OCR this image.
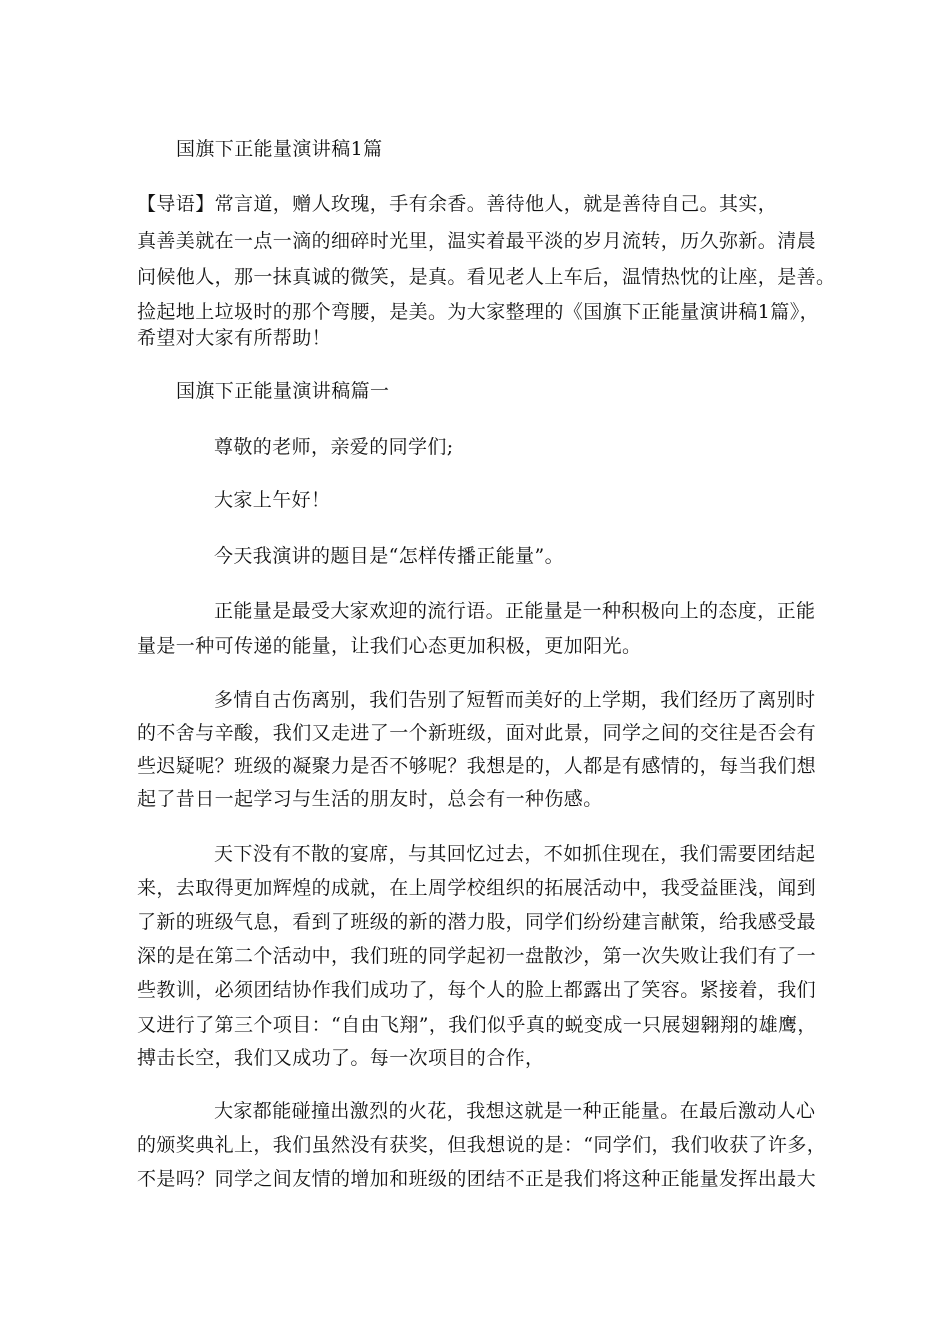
国旗下正能量演讲稿1篇
【导语】常言道，赠人玫瑰，手有余香。善待他人，就是善待自己。其实，
真善美就在一点一滴的细碎时光里，温实着最平淡的岁月流转，历久弥新。清晨
问候他人，那一抹真诚的微笑，是真。看见老人上车后，温情热忱的让座，是善。
捡起地上垃圾时的那个弯腰，是美。为大家整理的《国旗下正能量演讲稿1篇》，
希望对大家有所帮助！
国旗下正能量演讲稿篇一
尊敬的老师，亲爱的同学们;
大家上午好！
今天我演讲的题目是“怎样传播正能量”。
正能量是最受大家欢迎的流行语。正能量是一种积极向上的态度，正能
量是一种可传递的能量，让我们心态更加积极，更加阳光。
多情自古伤离别，我们告别了短暂而美好的上学期，我们经历了离别时
的不舍与辛酸，我们又走进了一个新班级，面对此景，同学之间的交往是否会有
些迟疑呢？班级的凝聚力是否不够呢？我想是的，人都是有感情的，每当我们想
起了昔日一起学习与生活的朋友时，总会有一种伤感。
天下没有不散的宴席，与其回忆过去，不如抓住现在，我们需要团结起
来，去取得更加辉煌的成就，在上周学校组织的拓展活动中，我受益匪浅，闻到
了新的班级气息，看到了班级的新的潜力股，同学们纷纷建言献策，给我感受最
深的是在第二个活动中，我们班的同学起初一盘散沙，第一次失败让我们有了一
些教训，必须团结协作我们成功了，每个人的脸上都露出了笑容。紧接着，我们
又进行了第三个项目：“自由飞翔”，我们似乎真的蜕变成一只展翅翱翔的雄鹰，
搏击长空，我们又成功了。每一次项目的合作，
大家都能碰撞出激烈的火花，我想这就是一种正能量。在最后激动人心
的颁奖典礼上，我们虽然没有获奖，但我想说的是：“同学们，我们收获了许多，
不是吗？同学之间友情的增加和班级的团结不正是我们将这种正能量发挥出最大
